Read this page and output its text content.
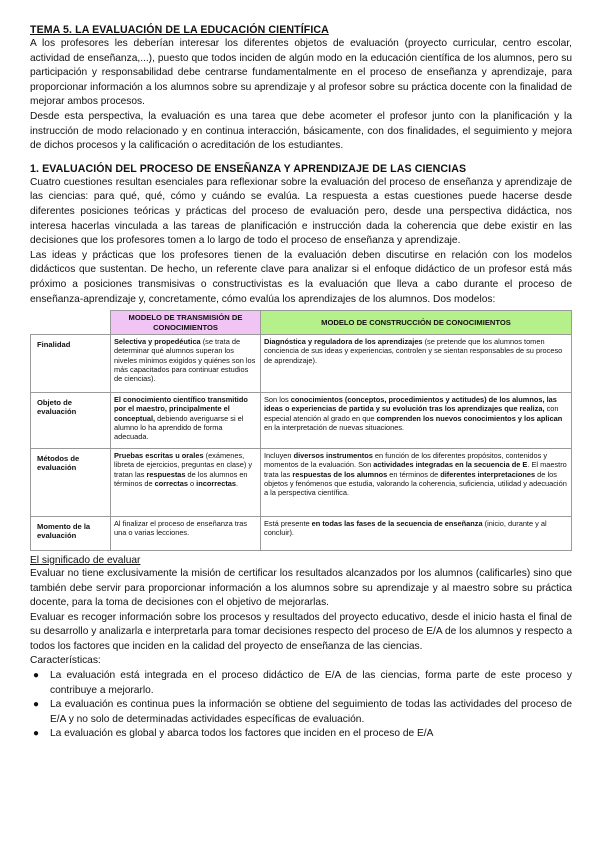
TEMA 5. LA EVALUACIÓN DE LA EDUCACIÓN CIENTÍFICA

A los profesores les deberían interesar los diferentes objetos de evaluación (proyecto curricular, centro escolar, actividad de enseñanza,...), puesto que todos inciden de algún modo en la educación científica de los alumnos, pero su participación y responsabilidad debe centrarse fundamentalmente en el proceso de enseñanza y aprendizaje, para proporcionar información a los alumnos sobre su aprendizaje y al profesor sobre su práctica docente con la finalidad de mejorar ambos procesos.

Desde esta perspectiva, la evaluación es una tarea que debe acometer el profesor junto con la planificación y la instrucción de modo relacionado y en continua interacción, básicamente, con dos finalidades, el seguimiento y mejora de dichos procesos y la calificación o acreditación de los estudiantes.

1. EVALUACIÓN DEL PROCESO DE ENSEÑANZA Y APRENDIZAJE DE LAS CIENCIAS

Cuatro cuestiones resultan esenciales para reflexionar sobre la evaluación del proceso de enseñanza y aprendizaje de las ciencias: para qué, qué, cómo y cuándo se evalúa. La respuesta a estas cuestiones puede hacerse desde diferentes posiciones teóricas y prácticas del proceso de evaluación pero, desde una perspectiva didáctica, nos interesa hacerlas vinculada a las tareas de planificación e instrucción dada la coherencia que debe existir en las decisiones que los profesores tomen a lo largo de todo el proceso de enseñanza y aprendizaje.

Las ideas y prácticas que los profesores tienen de la evaluación deben discutirse en relación con los modelos didácticos que sustentan. De hecho, un referente clave para analizar si el enfoque didáctico de un profesor está más próximo a posiciones transmisivas o constructivistas es la evaluación que lleva a cabo durante el proceso de enseñanza-aprendizaje y, concretamente, cómo evalúa los aprendizajes de los alumnos. Dos modelos:

	MODELO DE TRANSMISIÓN DE CONOCIMIENTOS	MODELO DE CONSTRUCCIÓN DE CONOCIMIENTOS
Finalidad	Selectiva y propedéutica (se trata de determinar qué alumnos superan los niveles mínimos exigidos y quiénes son los más capacitados para continuar estudios de ciencias).	Diagnóstica y reguladora de los aprendizajes (se pretende que los alumnos tomen conciencia de sus ideas y experiencias, controlen y se sientan responsables de su proceso de aprendizaje).
Objeto de evaluación	El conocimiento científico transmitido por el maestro, principalmente el conceptual, debiendo averiguarse si el alumno lo ha aprendido de forma adecuada.	Son los conocimientos (conceptos, procedimientos y actitudes) de los alumnos, las ideas o experiencias de partida y su evolución tras los aprendizajes que realiza, con especial atención al grado en que comprenden los nuevos conocimientos y los aplican en la interpretación de nuevas situaciones.
Métodos de evaluación	Pruebas escritas u orales (exámenes, libreta de ejercicios, preguntas en clase) y tratan las respuestas de los alumnos en términos de correctas o incorrectas.	Incluyen diversos instrumentos en función de los diferentes propósitos, contenidos y momentos de la evaluación. Son actividades integradas en la secuencia de E. El maestro trata las respuestas de los alumnos en términos de diferentes interpretaciones de los objetos y fenómenos que estudia, valorando la coherencia, suficiencia, utilidad y adecuación a la perspectiva científica.
Momento de la evaluación	Al finalizar el proceso de enseñanza tras una o varias lecciones.	Está presente en todas las fases de la secuencia de enseñanza (inicio, durante y al concluir).

El significado de evaluar

Evaluar no tiene exclusivamente la misión de certificar los resultados alcanzados por los alumnos (calificarles) sino que también debe servir para proporcionar información a los alumnos sobre su aprendizaje y al maestro sobre su práctica docente, para la toma de decisiones con el objetivo de mejorarlas.

Evaluar es recoger información sobre los procesos y resultados del proyecto educativo, desde el inicio hasta el final de su desarrollo y analizarla e interpretarla para tomar decisiones respecto del proceso de E/A de los alumnos y respecto a todos los factores que inciden en la calidad del proyecto de enseñanza de las ciencias.

Características:

● La evaluación está integrada en el proceso didáctico de E/A de las ciencias, forma parte de este proceso y contribuye a mejorarlo.
● La evaluación es continua pues la información se obtiene del seguimiento de todas las actividades del proceso de E/A y no solo de determinadas actividades específicas de evaluación.
● La evaluación es global y abarca todos los factores que inciden en el proceso de E/A
